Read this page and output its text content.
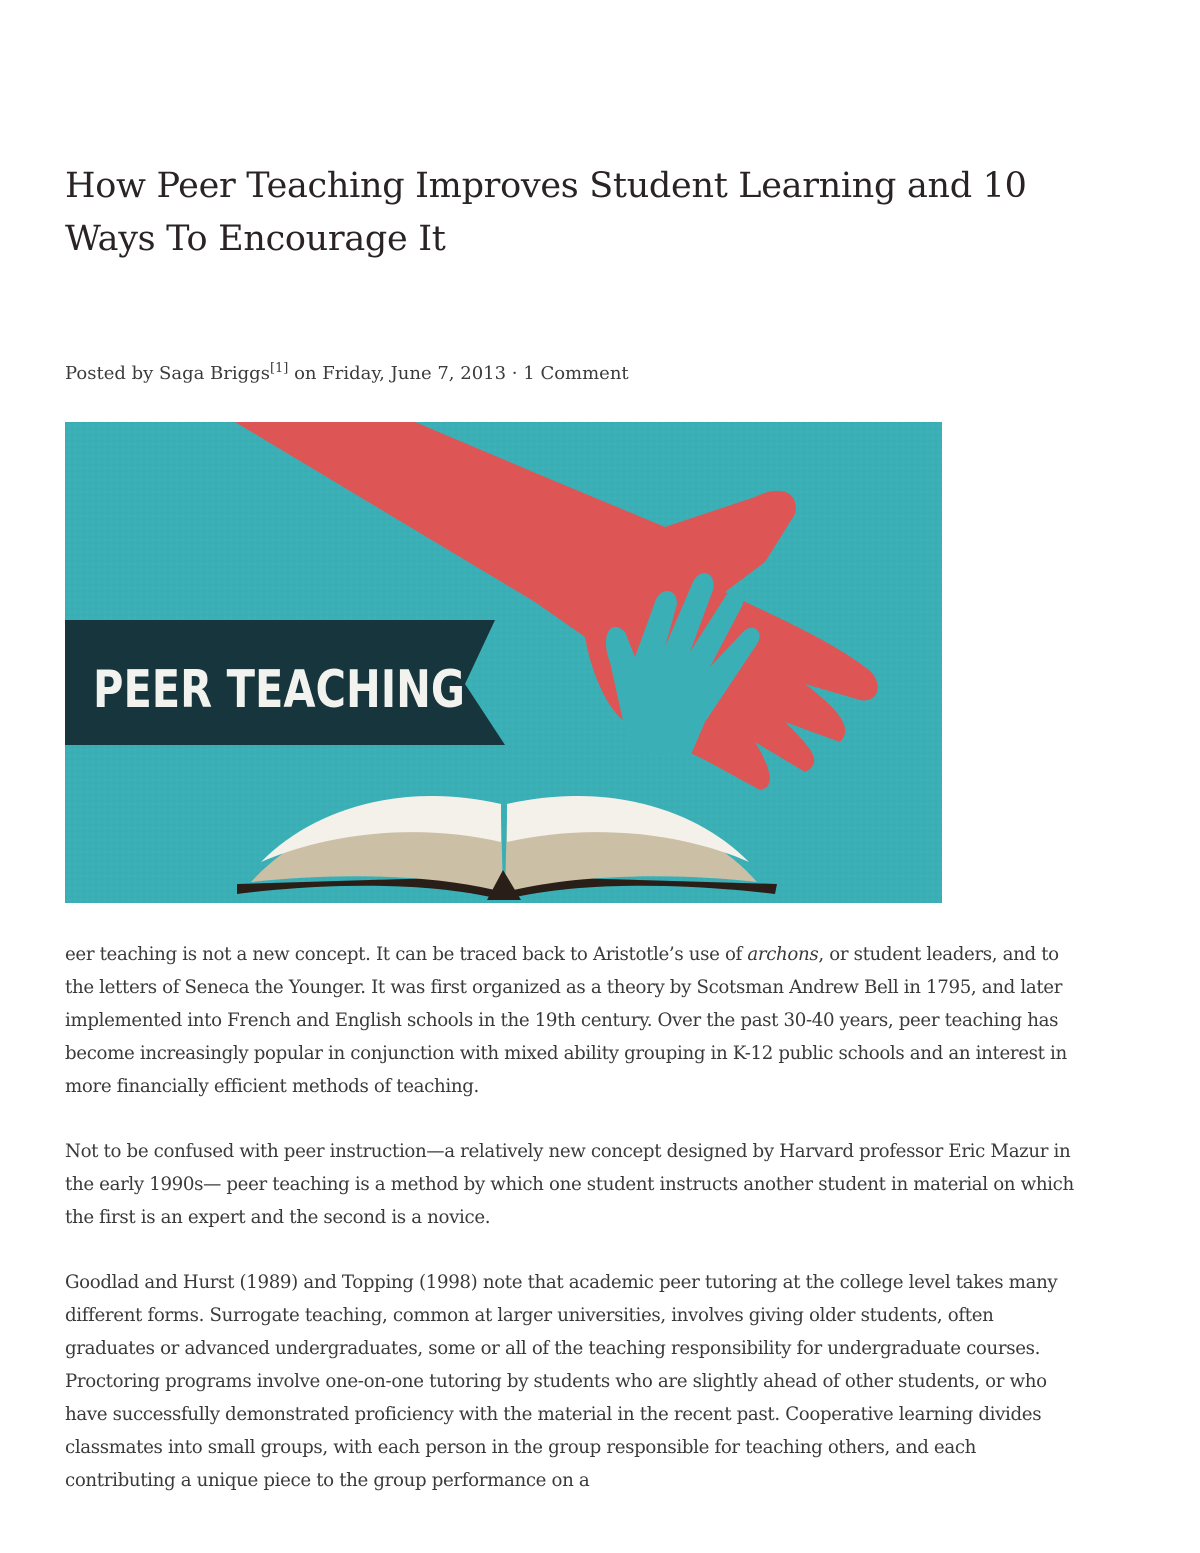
How Peer Teaching Improves Student Learning and 10 Ways To Encourage It

Posted by Saga Briggs[1] on Friday, June 7, 2013 · 1 Comment

PEER TEACHING

eer teaching is not a new concept. It can be traced back to Aristotle’s use of archons, or student leaders, and to the letters of Seneca the Younger. It was first organized as a theory by Scotsman Andrew Bell in 1795, and later implemented into French and English schools in the 19th century. Over the past 30-40 years, peer teaching has become increasingly popular in conjunction with mixed ability grouping in K-12 public schools and an interest in more financially efficient methods of teaching.

Not to be confused with peer instruction—a relatively new concept designed by Harvard professor Eric Mazur in the early 1990s— peer teaching is a method by which one student instructs another student in material on which the first is an expert and the second is a novice.

Goodlad and Hurst (1989) and Topping (1998) note that academic peer tutoring at the college level takes many different forms. Surrogate teaching, common at larger universities, involves giving older students, often graduates or advanced undergraduates, some or all of the teaching responsibility for undergraduate courses. Proctoring programs involve one-on-one tutoring by students who are slightly ahead of other students, or who have successfully demonstrated proficiency with the material in the recent past. Cooperative learning divides classmates into small groups, with each person in the group responsible for teaching others, and each contributing a unique piece to the group performance on a
